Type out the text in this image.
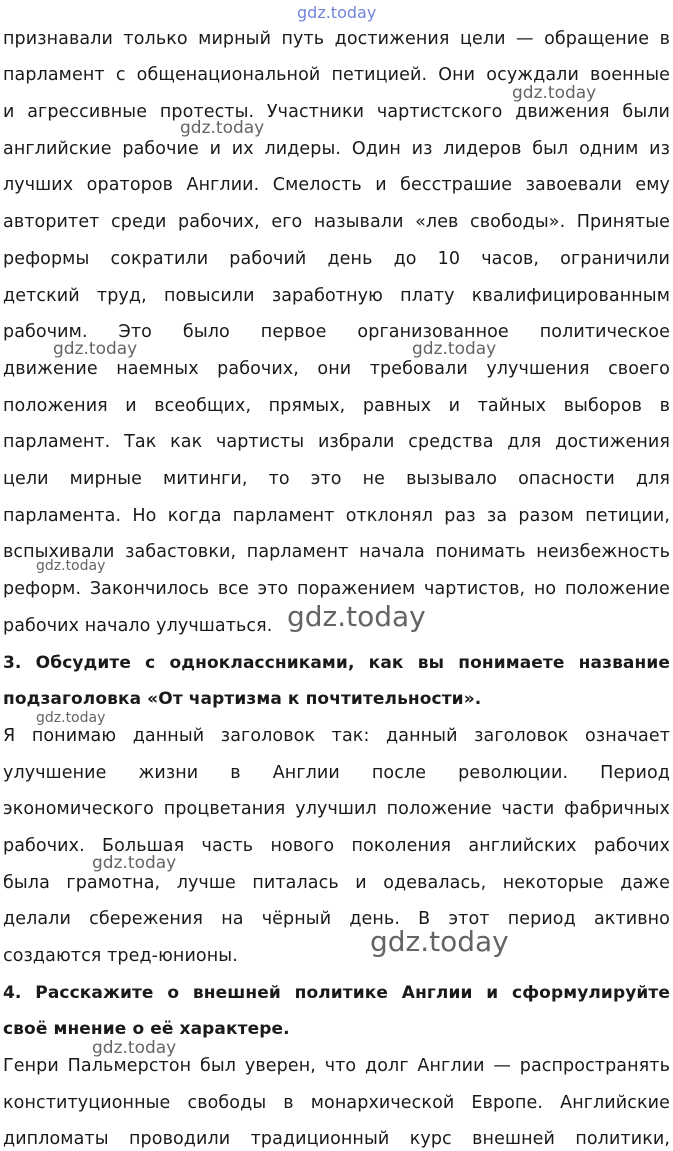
gdz.today
признавали только мирный путь достижения цели — обращение в
парламент с общенациональной петицией. Они осуждали военные
и агрессивные протесты. Участники чартистского движения были
английские рабочие и их лидеры. Один из лидеров был одним из
лучших ораторов Англии. Смелость и бесстрашие завоевали ему
авторитет среди рабочих, его называли «лев свободы». Принятые
реформы сократили рабочий день до 10 часов, ограничили
детский труд, повысили заработную плату квалифицированным
рабочим. Это было первое организованное политическое
движение наемных рабочих, они требовали улучшения своего
положения и всеобщих, прямых, равных и тайных выборов в
парламент. Так как чартисты избрали средства для достижения
цели мирные митинги, то это не вызывало опасности для
парламента. Но когда парламент отклонял раз за разом петиции,
вспыхивали забастовки, парламент начала понимать неизбежность
реформ. Закончилось все это поражением чартистов, но положение
рабочих начало улучшаться.
3. Обсудите с одноклассниками, как вы понимаете название
подзаголовка «От чартизма к почтительности».
Я понимаю данный заголовок так: данный заголовок означает
улучшение жизни в Англии после революции. Период
экономического процветания улучшил положение части фабричных
рабочих. Большая часть нового поколения английских рабочих
была грамотна, лучше питалась и одевалась, некоторые даже
делали сбережения на чёрный день. В этот период активно
создаются тред-юнионы.
4. Расскажите о внешней политике Англии и сформулируйте
своё мнение о её характере.
Генри Пальмерстон был уверен, что долг Англии — распространять
конституционные свободы в монархической Европе. Английские
дипломаты проводили традиционный курс внешней политики,
gdz.today
gdz.today
gdz.today	gdz.today
gdz.today
gdz.today
gdz.today
gdz.today
gdz.today
gdz.today
